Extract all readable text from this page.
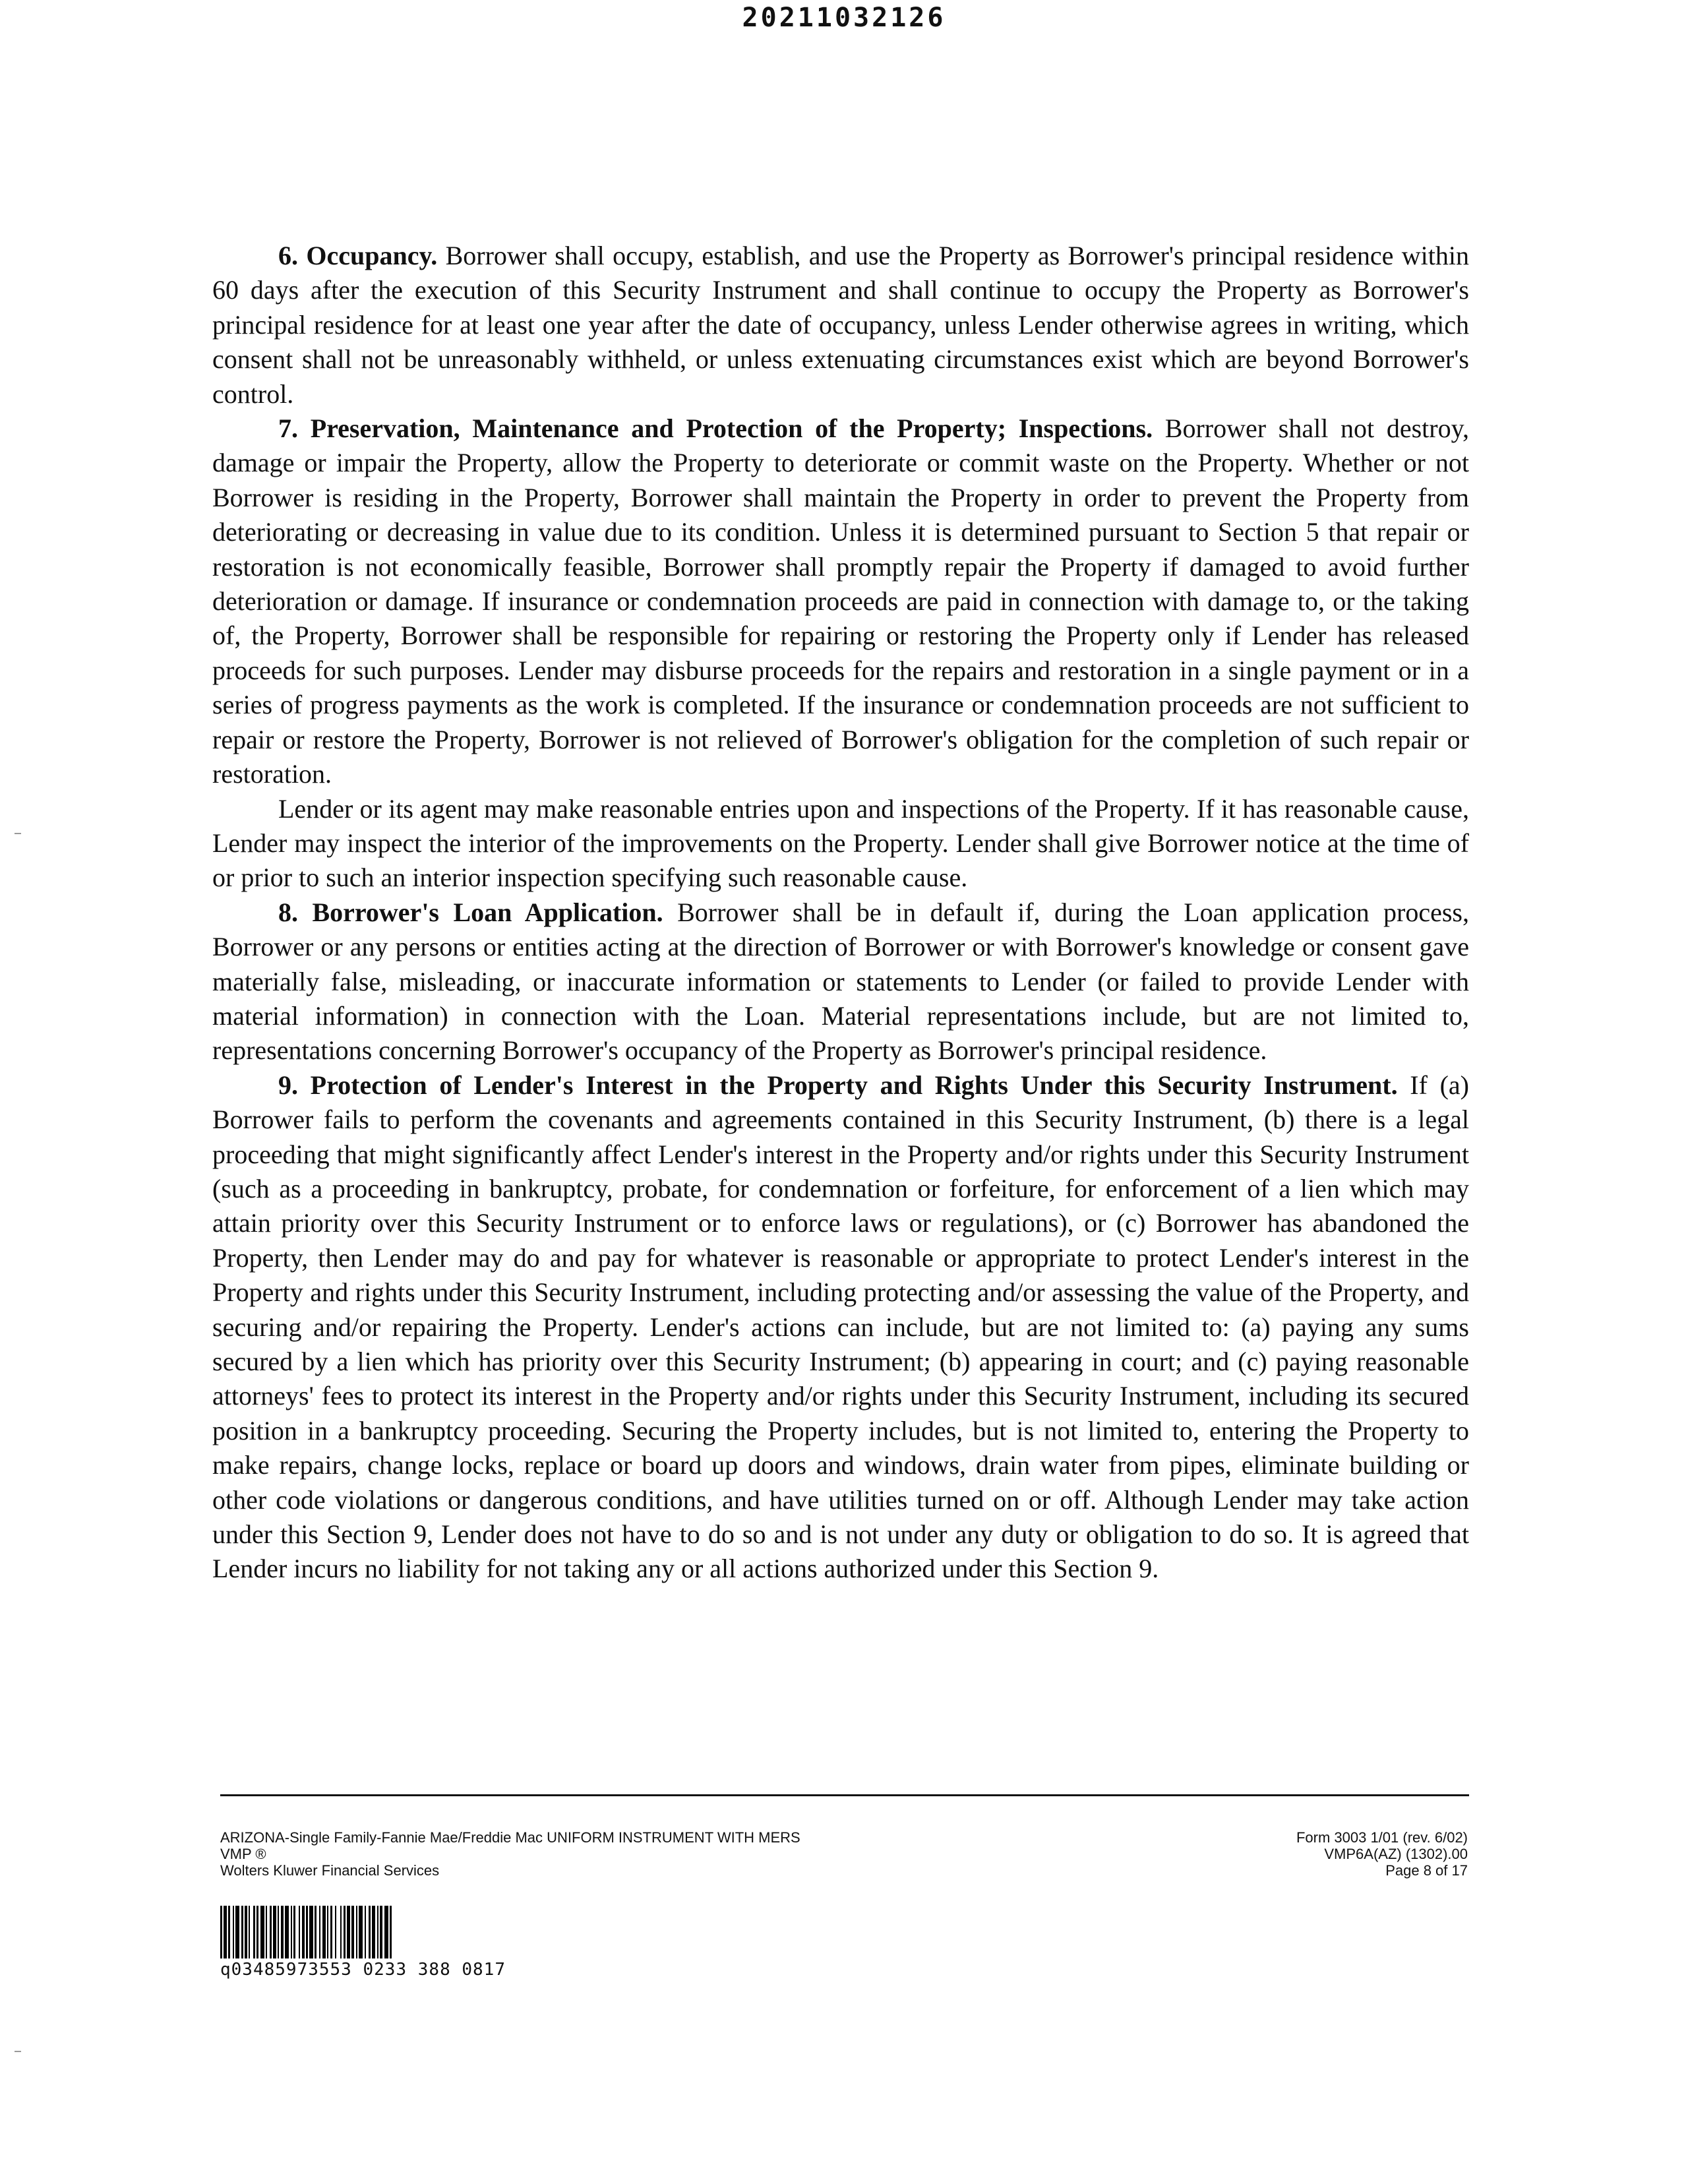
20211032126

6. Occupancy. Borrower shall occupy, establish, and use the Property as Borrower's principal residence within 60 days after the execution of this Security Instrument and shall continue to occupy the Property as Borrower's principal residence for at least one year after the date of occupancy, unless Lender otherwise agrees in writing, which consent shall not be unreasonably withheld, or unless extenuating circumstances exist which are beyond Borrower's control.

7. Preservation, Maintenance and Protection of the Property; Inspections. Borrower shall not destroy, damage or impair the Property, allow the Property to deteriorate or commit waste on the Property. Whether or not Borrower is residing in the Property, Borrower shall maintain the Property in order to prevent the Property from deteriorating or decreasing in value due to its condition. Unless it is determined pursuant to Section 5 that repair or restoration is not economically feasible, Borrower shall promptly repair the Property if damaged to avoid further deterioration or damage. If insurance or condemnation proceeds are paid in connection with damage to, or the taking of, the Property, Borrower shall be responsible for repairing or restoring the Property only if Lender has released proceeds for such purposes. Lender may disburse proceeds for the repairs and restoration in a single payment or in a series of progress payments as the work is completed. If the insurance or condemnation proceeds are not sufficient to repair or restore the Property, Borrower is not relieved of Borrower's obligation for the completion of such repair or restoration.

Lender or its agent may make reasonable entries upon and inspections of the Property. If it has reasonable cause, Lender may inspect the interior of the improvements on the Property. Lender shall give Borrower notice at the time of or prior to such an interior inspection specifying such reasonable cause.

8. Borrower's Loan Application. Borrower shall be in default if, during the Loan application process, Borrower or any persons or entities acting at the direction of Borrower or with Borrower's knowledge or consent gave materially false, misleading, or inaccurate information or statements to Lender (or failed to provide Lender with material information) in connection with the Loan. Material representations include, but are not limited to, representations concerning Borrower's occupancy of the Property as Borrower's principal residence.

9. Protection of Lender's Interest in the Property and Rights Under this Security Instrument. If (a) Borrower fails to perform the covenants and agreements contained in this Security Instrument, (b) there is a legal proceeding that might significantly affect Lender's interest in the Property and/or rights under this Security Instrument (such as a proceeding in bankruptcy, probate, for condemnation or forfeiture, for enforcement of a lien which may attain priority over this Security Instrument or to enforce laws or regulations), or (c) Borrower has abandoned the Property, then Lender may do and pay for whatever is reasonable or appropriate to protect Lender's interest in the Property and rights under this Security Instrument, including protecting and/or assessing the value of the Property, and securing and/or repairing the Property. Lender's actions can include, but are not limited to: (a) paying any sums secured by a lien which has priority over this Security Instrument; (b) appearing in court; and (c) paying reasonable attorneys' fees to protect its interest in the Property and/or rights under this Security Instrument, including its secured position in a bankruptcy proceeding. Securing the Property includes, but is not limited to, entering the Property to make repairs, change locks, replace or board up doors and windows, drain water from pipes, eliminate building or other code violations or dangerous conditions, and have utilities turned on or off. Although Lender may take action under this Section 9, Lender does not have to do so and is not under any duty or obligation to do so. It is agreed that Lender incurs no liability for not taking any or all actions authorized under this Section 9.

ARIZONA-Single Family-Fannie Mae/Freddie Mac UNIFORM INSTRUMENT WITH MERS
VMP ®
Wolters Kluwer Financial Services
Form 3003 1/01 (rev. 6/02)
VMP6A(AZ) (1302).00
Page 8 of 17
q03485973553 0233 388 0817
